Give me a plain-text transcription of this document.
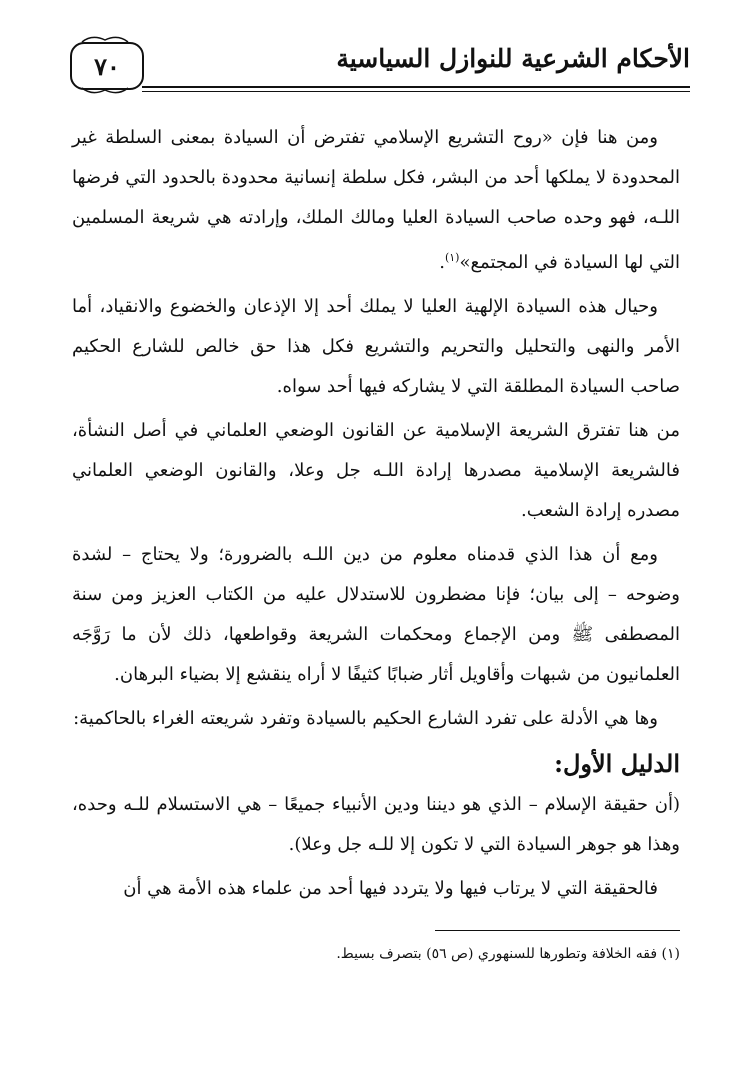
٧٠	الأحكام الشرعية للنوازل السياسية

ومن هنا فإن «روح التشريع الإسلامي تفترض أن السيادة بمعنى السلطة غير المحدودة لا يملكها أحد من البشر، فكل سلطة إنسانية محدودة بالحدود التي فرضها اللـه، فهو وحده صاحب السيادة العليا ومالك الملك، وإرادته هي شريعة المسلمين التي لها السيادة في المجتمع»$^{(١)}$.

وحيال هذه السيادة الإلهية العليا لا يملك أحد إلا الإذعان والخضوع والانقياد، أما الأمر والنهى والتحليل والتحريم والتشريع فكل هذا حق خالص للشارع الحكيم صاحب السيادة المطلقة التي لا يشاركه فيها أحد سواه.

من هنا تفترق الشريعة الإسلامية عن القانون الوضعي العلماني في أصل النشأة، فالشريعة الإسلامية مصدرها إرادة اللـه جل وعلا، والقانون الوضعي العلماني مصدره إرادة الشعب.

ومع أن هذا الذي قدمناه معلوم من دين اللـه بالضرورة؛ ولا يحتاج – لشدة وضوحه – إلى بيان؛ فإنا مضطرون للاستدلال عليه من الكتاب العزيز ومن سنة المصطفى ﷺ ومن الإجماع ومحكمات الشريعة وقواطعها، ذلك لأن ما رَوَّجَه العلمانيون من شبهات وأقاويل أثار ضبابًا كثيفًا لا أراه ينقشع إلا بضياء البرهان.

وها هي الأدلة على تفرد الشارع الحكيم بالسيادة وتفرد شريعته الغراء بالحاكمية:

الدليل الأول:

(أن حقيقة الإسلام – الذي هو ديننا ودين الأنبياء جميعًا – هي الاستسلام للـه وحده، وهذا هو جوهر السيادة التي لا تكون إلا للـه جل وعلا).

فالحقيقة التي لا يرتاب فيها ولا يتردد فيها أحد من علماء هذه الأمة هي أن

(١) فقه الخلافة وتطورها للسنهوري (ص ٥٦) بتصرف بسيط.
